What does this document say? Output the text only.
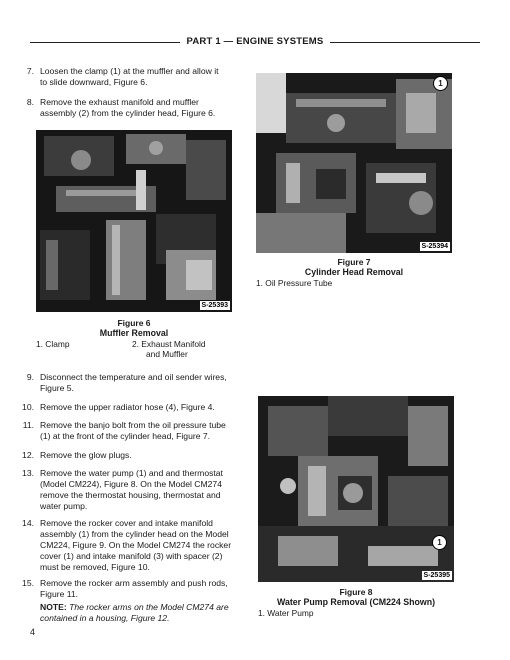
PART 1 — ENGINE SYSTEMS
7. Loosen the clamp (1) at the muffler and allow it
to slide downward, Figure 6.
8. Remove the exhaust manifold and muffler
assembly (2) from the cylinder head, Figure 6.
S-25393
Figure 6
Muffler Removal
1. Clamp	2. Exhaust Manifold
and Muffler
S-25394
1
Figure 7
Cylinder Head Removal
1. Oil Pressure Tube
9. Disconnect the temperature and oil sender wires,
Figure 5.
10. Remove the upper radiator hose (4), Figure 4.
11. Remove the banjo bolt from the oil pressure tube
(1) at the front of the cylinder head, Figure 7.
12. Remove the glow plugs.
13. Remove the water pump (1) and and thermostat
(Model CM224), Figure 8. On the Model CM274
remove the thermostat housing, thermostat and
water pump.
14. Remove the rocker cover and intake manifold
assembly (1) from the cylinder head on the Model
CM224, Figure 9. On the Model CM274 the rocker
cover (1) and intake manifold (3) with spacer (2)
must be removed, Figure 10.
15. Remove the rocker arm assembly and push rods,
Figure 11.
NOTE: The rocker arms on the Model CM274 are
contained in a housing, Figure 12.
S-25395
1
Figure 8
Water Pump Removal (CM224 Shown)
1. Water Pump
4
